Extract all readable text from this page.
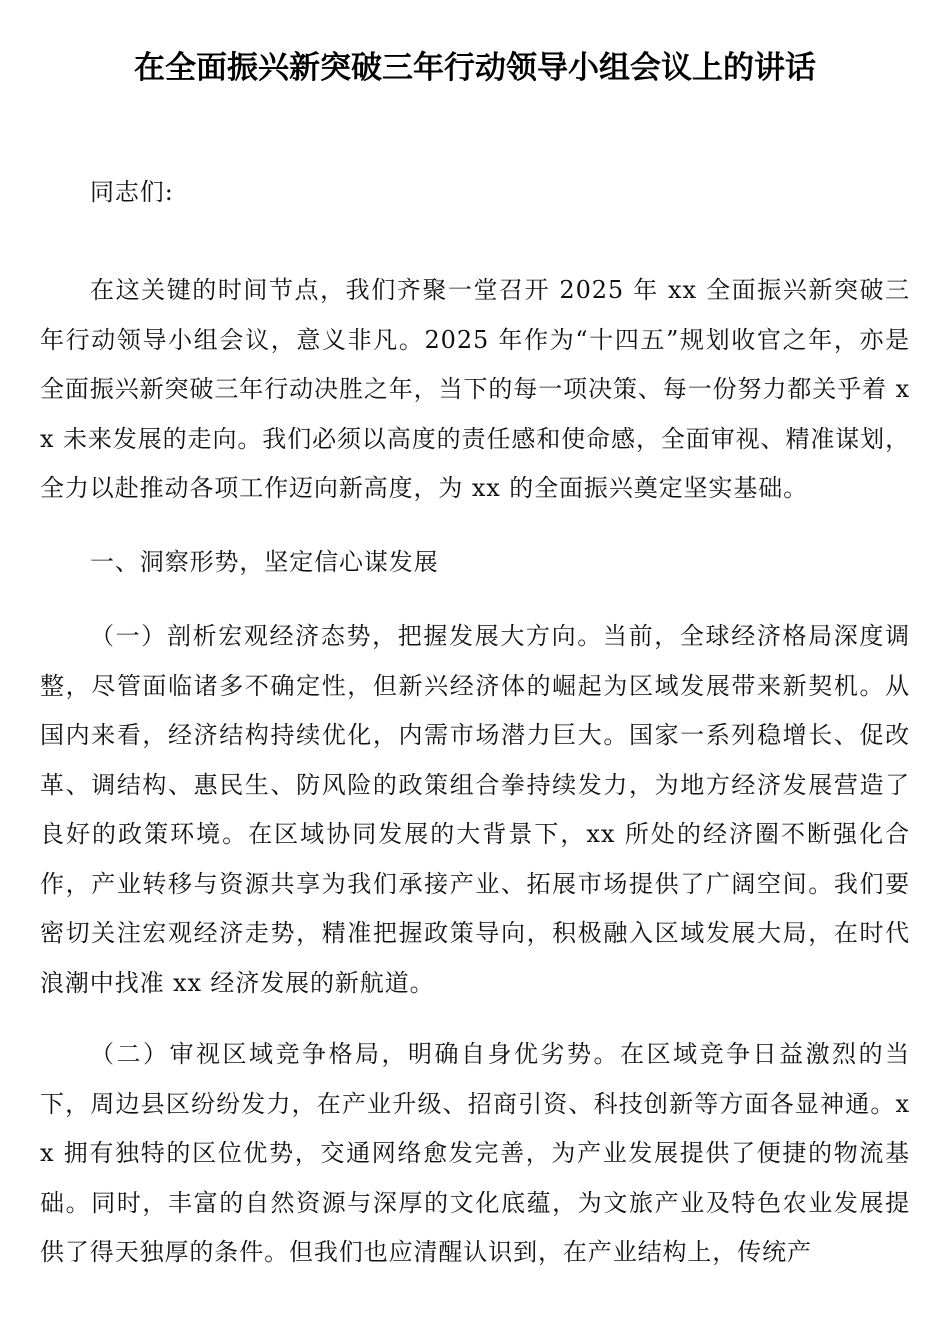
在全面振兴新突破三年行动领导小组会议上的讲话

同志们:

在这关键的时间节点，我们齐聚一堂召开 2025 年 xx 全面振兴新突破三年行动领导小组会议，意义非凡。2025 年作为“十四五”规划收官之年，亦是全面振兴新突破三年行动决胜之年，当下的每一项决策、每一份努力都关乎着 xx 未来发展的走向。我们必须以高度的责任感和使命感，全面审视、精准谋划，全力以赴推动各项工作迈向新高度，为 xx 的全面振兴奠定坚实基础。

一、洞察形势，坚定信心谋发展

（一）剖析宏观经济态势，把握发展大方向。当前，全球经济格局深度调整，尽管面临诸多不确定性，但新兴经济体的崛起为区域发展带来新契机。从国内来看，经济结构持续优化，内需市场潜力巨大。国家一系列稳增长、促改革、调结构、惠民生、防风险的政策组合拳持续发力，为地方经济发展营造了良好的政策环境。在区域协同发展的大背景下，xx 所处的经济圈不断强化合作，产业转移与资源共享为我们承接产业、拓展市场提供了广阔空间。我们要密切关注宏观经济走势，精准把握政策导向，积极融入区域发展大局，在时代浪潮中找准 xx 经济发展的新航道。

（二）审视区域竞争格局，明确自身优劣势。在区域竞争日益激烈的当下，周边县区纷纷发力，在产业升级、招商引资、科技创新等方面各显神通。xx 拥有独特的区位优势，交通网络愈发完善，为产业发展提供了便捷的物流基础。同时，丰富的自然资源与深厚的文化底蕴，为文旅产业及特色农业发展提供了得天独厚的条件。但我们也应清醒认识到，在产业结构上，传统产
